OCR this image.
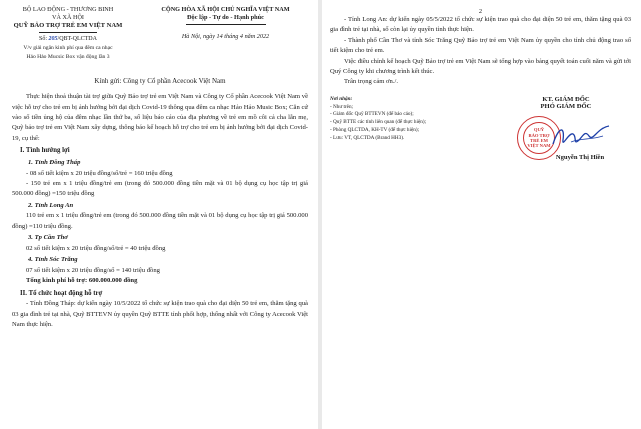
BỘ LAO ĐỘNG - THƯƠNG BINH
VÀ XÃ HỘI
QUỸ BẢO TRỢ TRẺ EM VIỆT NAM
Số: 205/QBT-QLCTDA
V/v giải ngân kinh phí qua đêm ca nhạc
Hảo Hảo Mucsic Box vận động lần 3
CỘNG HÒA XÃ HỘI CHỦ NGHĨA VIỆT NAM
Độc lập - Tự do - Hạnh phúc
Hà Nội, ngày 14 tháng 4 năm 2022
Kính gửi: Công ty Cổ phần Acecook Việt Nam

Thực hiện thoả thuận tài trợ giữa Quỹ Bảo trợ trẻ em Việt Nam và Công ty Cổ phần Acecook Việt Nam về việc hỗ trợ cho trẻ em bị ảnh hưởng bởi đại dịch Covid-19 thông qua đêm ca nhạc Hảo Hảo Music Box; Căn cứ vào số tiền ủng hộ của đêm nhạc lần thứ ba, số liệu báo cáo của địa phương về trẻ em mồ côi cả cha lẫn mẹ, Quỹ bảo trợ trẻ em Việt Nam xây dựng, thông báo kế hoạch hỗ trợ cho trẻ em bị ảnh hưởng bởi đại dịch Covid-19, cụ thể:

I. Tình hướng lợi
1. Tỉnh Đồng Tháp

- 08 sổ tiết kiệm x 20 triệu đồng/sổ/trẻ = 160 triệu đồng

- 150 trẻ em x 1 triệu đồng/trẻ em (trong đó 500.000 đồng tiền mặt và 01 bộ dụng cụ học tập trị giá 500.000 đồng) =150 triệu đồng

2. Tỉnh Long An

110 trẻ em x 1 triệu đồng/trẻ em (trong đó 500.000 đồng tiền mặt và 01 bộ dụng cụ học tập trị giá 500.000 đồng) =110 triệu đồng.

3. Tp Cần Thơ

02 sổ tiết kiệm x 20 triệu đồng/sổ/trẻ = 40 triệu đồng

4. Tỉnh Sóc Trăng

07 sổ tiết kiệm x 20 triệu đồng/sổ = 140 triệu đồng

Tổng kinh phí hỗ trợ: 600.000.000 đồng

II. Tổ chức hoạt động hỗ trợ

- Tỉnh Đồng Tháp: dự kiến ngày 10/5/2022 tổ chức sự kiện trao quà cho đại diện 50 trẻ em, thăm tặng quà 03 gia đình trẻ tại nhà, Quỹ BTTEVN ủy quyền Quỹ BTTE tỉnh phối hợp, thống nhất với Công ty Acecook Việt Nam thực hiện.

2

- Tỉnh Long An: dự kiến ngày 05/5/2022 tổ chức sự kiện trao quà cho đại diện 50 trẻ em, thăm tặng quà 03 gia đình trẻ tại nhà, số còn lại ủy quyền tỉnh thực hiện.

- Thành phố Cần Thơ và tỉnh Sóc Trăng Quỹ Bảo trợ trẻ em Việt Nam ủy quyền cho tỉnh chủ động trao sổ tiết kiệm cho trẻ em.

Việc điều chỉnh kế hoạch Quỹ Bảo trợ trẻ em Việt Nam sẽ tổng hợp vào bảng quyết toán cuối năm và gửi tới Quý Công ty khi chương trình kết thúc.

Trân trọng cảm ơn./.

Nơi nhận:
- Như trên;
- Giám đốc Quỹ BTTEVN (để báo cáo);
- Quỹ BTTE các tỉnh liên quan (để thực hiện);
- Phòng QLCTDA, KH-TV (để thực hiện);
- Lưu: VT, QLCTDA (Brand HH3).
KT. GIÁM ĐỐC
PHÓ GIÁM ĐỐC
QUỸ
BẢO TRỢ
TRẺ EM
VIỆT NAM
Nguyễn Thị Hiền
